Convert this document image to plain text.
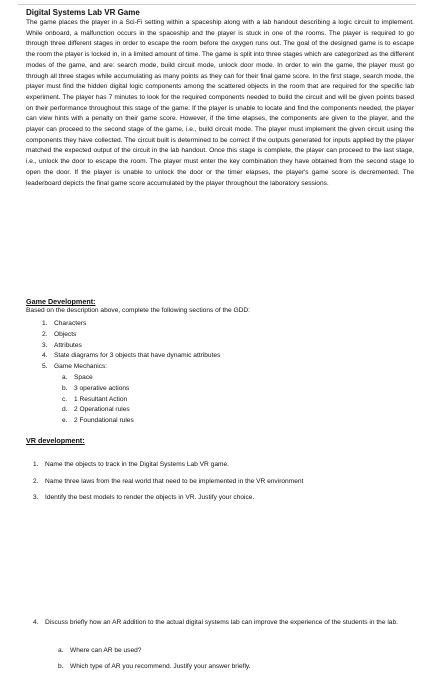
Digital Systems Lab VR Game
The game places the player in a Sci-Fi setting within a spaceship along with a lab handout describing a logic circuit to implement. While onboard, a malfunction occurs in the spaceship and the player is stuck in one of the rooms. The player is required to go through three different stages in order to escape the room before the oxygen runs out. The goal of the designed game is to escape the room the player is locked in, in a limited amount of time. The game is split into three stages which are categorized as the different modes of the game, and are: search mode, build circuit mode, unlock door mode. In order to win the game, the player must go through all three stages while accumulating as many points as they can for their final game score. In the first stage, search mode, the player must find the hidden digital logic components among the scattered objects in the room that are required for the specific lab experiment. The player has 7 minutes to look for the required components needed to build the circuit and will be given points based on their performance throughout this stage of the game. If the player is unable to locate and find the components needed, the player can view hints with a penalty on their game score. However, if the time elapses, the components are given to the player, and the player can proceed to the second stage of the game, i.e., build circuit mode. The player must implement the given circuit using the components they have collected. The circuit built is determined to be correct if the outputs generated for inputs applied by the player matched the expected output of the circuit in the lab handout. Once this stage is complete, the player can proceed to the last stage, i.e., unlock the door to escape the room. The player must enter the key combination they have obtained from the second stage to open the door. If the player is unable to unlock the door or the timer elapses, the player's game score is decremented. The leaderboard depicts the final game score accumulated by the player throughout the laboratory sessions.
Game Development:
Based on the description above, complete the following sections of the GDD:
1. Characters
2. Objects
3. Attributes
4. State diagrams for 3 objects that have dynamic attributes
5. Game Mechanics:
a. Space
b. 3 operative actions
c. 1 Resultant Action
d. 2 Operational rules
e. 2 Foundational rules
VR development:
1. Name the objects to track in the Digital Systems Lab VR game.
2. Name three laws from the real world that need to be implemented in the VR environment
3. Identify the best models to render the objects in VR. Justify your choice.
4. Discuss briefly how an AR addition to the actual digital systems lab can improve the experience of the students in the lab.
a. Where can AR be used?
b. Which type of AR you recommend. Justify your answer briefly.
